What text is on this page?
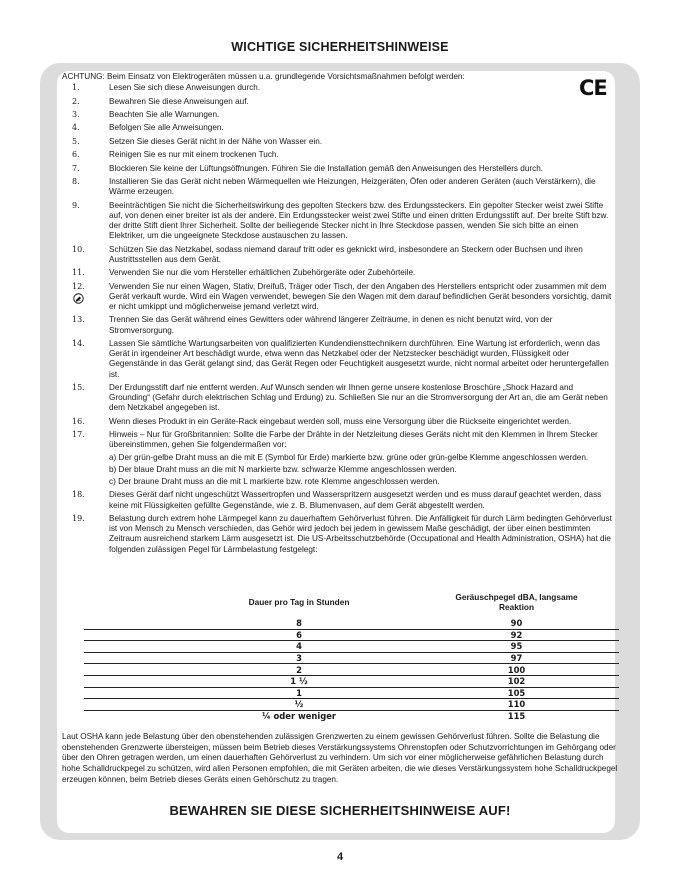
WICHTIGE SICHERHEITSHINWEISE
CE
ACHTUNG: Beim Einsatz von Elektrogeräten müssen u.a. grundlegende Vorsichtsmaßnahmen befolgt werden:
1.	Lesen Sie sich diese Anweisungen durch.
2.	Bewahren Sie diese Anweisungen auf.
3.	Beachten Sie alle Warnungen.
4.	Befolgen Sie alle Anweisungen.
5.	Setzen Sie dieses Gerät nicht in der Nähe von Wasser ein.
6.	Reinigen Sie es nur mit einem trockenen Tuch.
7.	Blockieren Sie keine der Lüftungsöffnungen. Führen Sie die Installation gemäß den Anweisungen des Herstellers durch.
8.	Installieren Sie das Gerät nicht neben Wärmequellen wie Heizungen, Heizgeräten, Öfen oder anderen Geräten (auch Verstärkern), die Wärme erzeugen.
9.	Beeinträchtigen Sie nicht die Sicherheitswirkung des gepolten Steckers bzw. des Erdungssteckers. Ein gepolter Stecker weist zwei Stifte auf, von denen einer breiter ist als der andere. Ein Erdungsstecker weist zwei Stifte und einen dritten Erdungsstift auf. Der breite Stift bzw. der dritte Stift dient Ihrer Sicherheit. Sollte der beiliegende Stecker nicht in Ihre Steckdose passen, wenden Sie sich bitte an einen Elektriker, um die ungeeignete Steckdose austauschen zu lassen.
10.	Schützen Sie das Netzkabel, sodass niemand darauf tritt oder es geknickt wird, insbesondere an Steckern oder Buchsen und ihren Austrittsstellen aus dem Gerät.
11.	Verwenden Sie nur die vom Hersteller erhältlichen Zubehörgeräte oder Zubehörteile.
12.	Verwenden Sie nur einen Wagen, Stativ, Dreifuß, Träger oder Tisch, der den Angaben des Herstellers entspricht oder zusammen mit dem Gerät verkauft wurde. Wird ein Wagen verwendet, bewegen Sie den Wagen mit dem darauf befindlichen Gerät besonders vorsichtig, damit er nicht umkippt und möglicherweise jemand verletzt wird.
13.	Trennen Sie das Gerät während eines Gewitters oder während längerer Zeiträume, in denen es nicht benutzt wird, von der Stromversorgung.
14.	Lassen Sie sämtliche Wartungsarbeiten von qualifizierten Kundendiensttechnikern durchführen. Eine Wartung ist erforderlich, wenn das Gerät in irgendeiner Art beschädigt wurde, etwa wenn das Netzkabel oder der Netzstecker beschädigt wurden, Flüssigkeit oder Gegenstände in das Gerät gelangt sind, das Gerät Regen oder Feuchtigkeit ausgesetzt wurde, nicht normal arbeitet oder heruntergefallen ist.
15.	Der Erdungsstift darf nie entfernt werden. Auf Wunsch senden wir Ihnen gerne unsere kostenlose Broschüre „Shock Hazard and Grounding“ (Gefahr durch elektrischen Schlag und Erdung) zu. Schließen Sie nur an die Stromversorgung der Art an, die am Gerät neben dem Netzkabel angegeben ist.
16.	Wenn dieses Produkt in ein Geräte-Rack eingebaut werden soll, muss eine Versorgung über die Rückseite eingerichtet werden.
17.	Hinweis – Nur für Großbritannien: Sollte die Farbe der Drähte in der Netzleitung dieses Geräts nicht mit den Klemmen in Ihrem Stecker übereinstimmen, gehen Sie folgendermaßen vor:
a) Der grün-gelbe Draht muss an die mit E (Symbol für Erde) markierte bzw. grüne oder grün-gelbe Klemme angeschlossen werden.
b) Der blaue Draht muss an die mit N markierte bzw. schwarze Klemme angeschlossen werden.
c) Der braune Draht muss an die mit L markierte bzw. rote Klemme angeschlossen werden.
18.	Dieses Gerät darf nicht ungeschützt Wassertropfen und Wasserspritzern ausgesetzt werden und es muss darauf geachtet werden, dass keine mit Flüssigkeiten gefüllte Gegenstände, wie z. B. Blumenvasen, auf dem Gerät abgestellt werden.
19.	Belastung durch extrem hohe Lärmpegel kann zu dauerhaftem Gehörverlust führen. Die Anfälligkeit für durch Lärm bedingten Gehörverlust ist von Mensch zu Mensch verschieden, das Gehör wird jedoch bei jedem in gewissem Maße geschädigt, der über einen bestimmten Zeitraum ausreichend starkem Lärm ausgesetzt ist. Die US-Arbeitsschutzbehörde (Occupational and Health Administration, OSHA) hat die folgenden zulässigen Pegel für Lärmbelastung festgelegt:
Dauer pro Tag in Stunden	Geräuschpegel dBA, langsame Reaktion
8	90
6	92
4	95
3	97
2	100
1 ½	102
1	105
½	110
¼ oder weniger	115
Laut OSHA kann jede Belastung über den obenstehenden zulässigen Grenzwerten zu einem gewissen Gehörverlust führen. Sollte die Belastung die obenstehenden Grenzwerte übersteigen, müssen beim Betrieb dieses Verstärkungssystems Ohrenstopfen oder Schutzvorrichtungen im Gehörgang oder über den Ohren getragen werden, um einen dauerhaften Gehörverlust zu verhindern. Um sich vor einer möglicherweise gefährlichen Belastung durch hohe Schalldruckpegel zu schützen, wird allen Personen empfohlen, die mit Geräten arbeiten, die wie dieses Verstärkungssystem hohe Schalldruckpegel erzeugen können, beim Betrieb dieses Geräts einen Gehörschutz zu tragen.
BEWAHREN SIE DIESE SICHERHEITSHINWEISE AUF!
4
